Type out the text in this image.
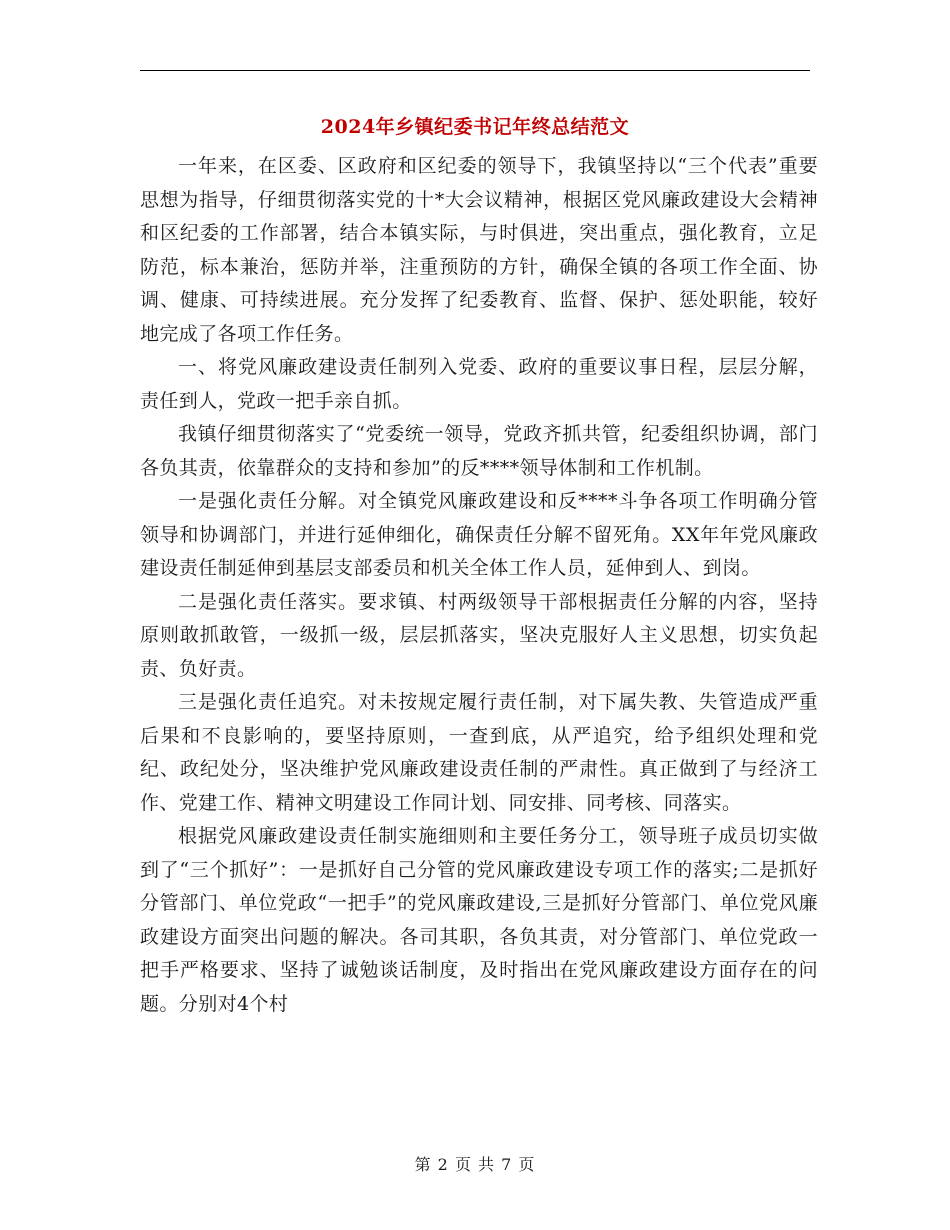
2024年乡镇纪委书记年终总结范文

一年来，在区委、区政府和区纪委的领导下，我镇坚持以“三个代表”重要思想为指导，仔细贯彻落实党的十*大会议精神，根据区党风廉政建设大会精神和区纪委的工作部署，结合本镇实际，与时俱进，突出重点，强化教育，立足防范，标本兼治，惩防并举，注重预防的方针，确保全镇的各项工作全面、协调、健康、可持续进展。充分发挥了纪委教育、监督、保护、惩处职能，较好地完成了各项工作任务。

一、将党风廉政建设责任制列入党委、政府的重要议事日程，层层分解，责任到人，党政一把手亲自抓。

我镇仔细贯彻落实了“党委统一领导，党政齐抓共管，纪委组织协调，部门各负其责，依靠群众的支持和参加”的反****领导体制和工作机制。

一是强化责任分解。对全镇党风廉政建设和反****斗争各项工作明确分管领导和协调部门，并进行延伸细化，确保责任分解不留死角。XX年年党风廉政建设责任制延伸到基层支部委员和机关全体工作人员，延伸到人、到岗。

二是强化责任落实。要求镇、村两级领导干部根据责任分解的内容，坚持原则敢抓敢管，一级抓一级，层层抓落实，坚决克服好人主义思想，切实负起责、负好责。

三是强化责任追究。对未按规定履行责任制，对下属失教、失管造成严重后果和不良影响的，要坚持原则，一查到底，从严追究，给予组织处理和党纪、政纪处分，坚决维护党风廉政建设责任制的严肃性。真正做到了与经济工作、党建工作、精神文明建设工作同计划、同安排、同考核、同落实。

根据党风廉政建设责任制实施细则和主要任务分工，领导班子成员切实做到了“三个抓好”：一是抓好自己分管的党风廉政建设专项工作的落实;二是抓好分管部门、单位党政“一把手”的党风廉政建设,三是抓好分管部门、单位党风廉政建设方面突出问题的解决。各司其职，各负其责，对分管部门、单位党政一把手严格要求、坚持了诚勉谈话制度，及时指出在党风廉政建设方面存在的问题。分别对4个村

第 2 页 共 7 页
